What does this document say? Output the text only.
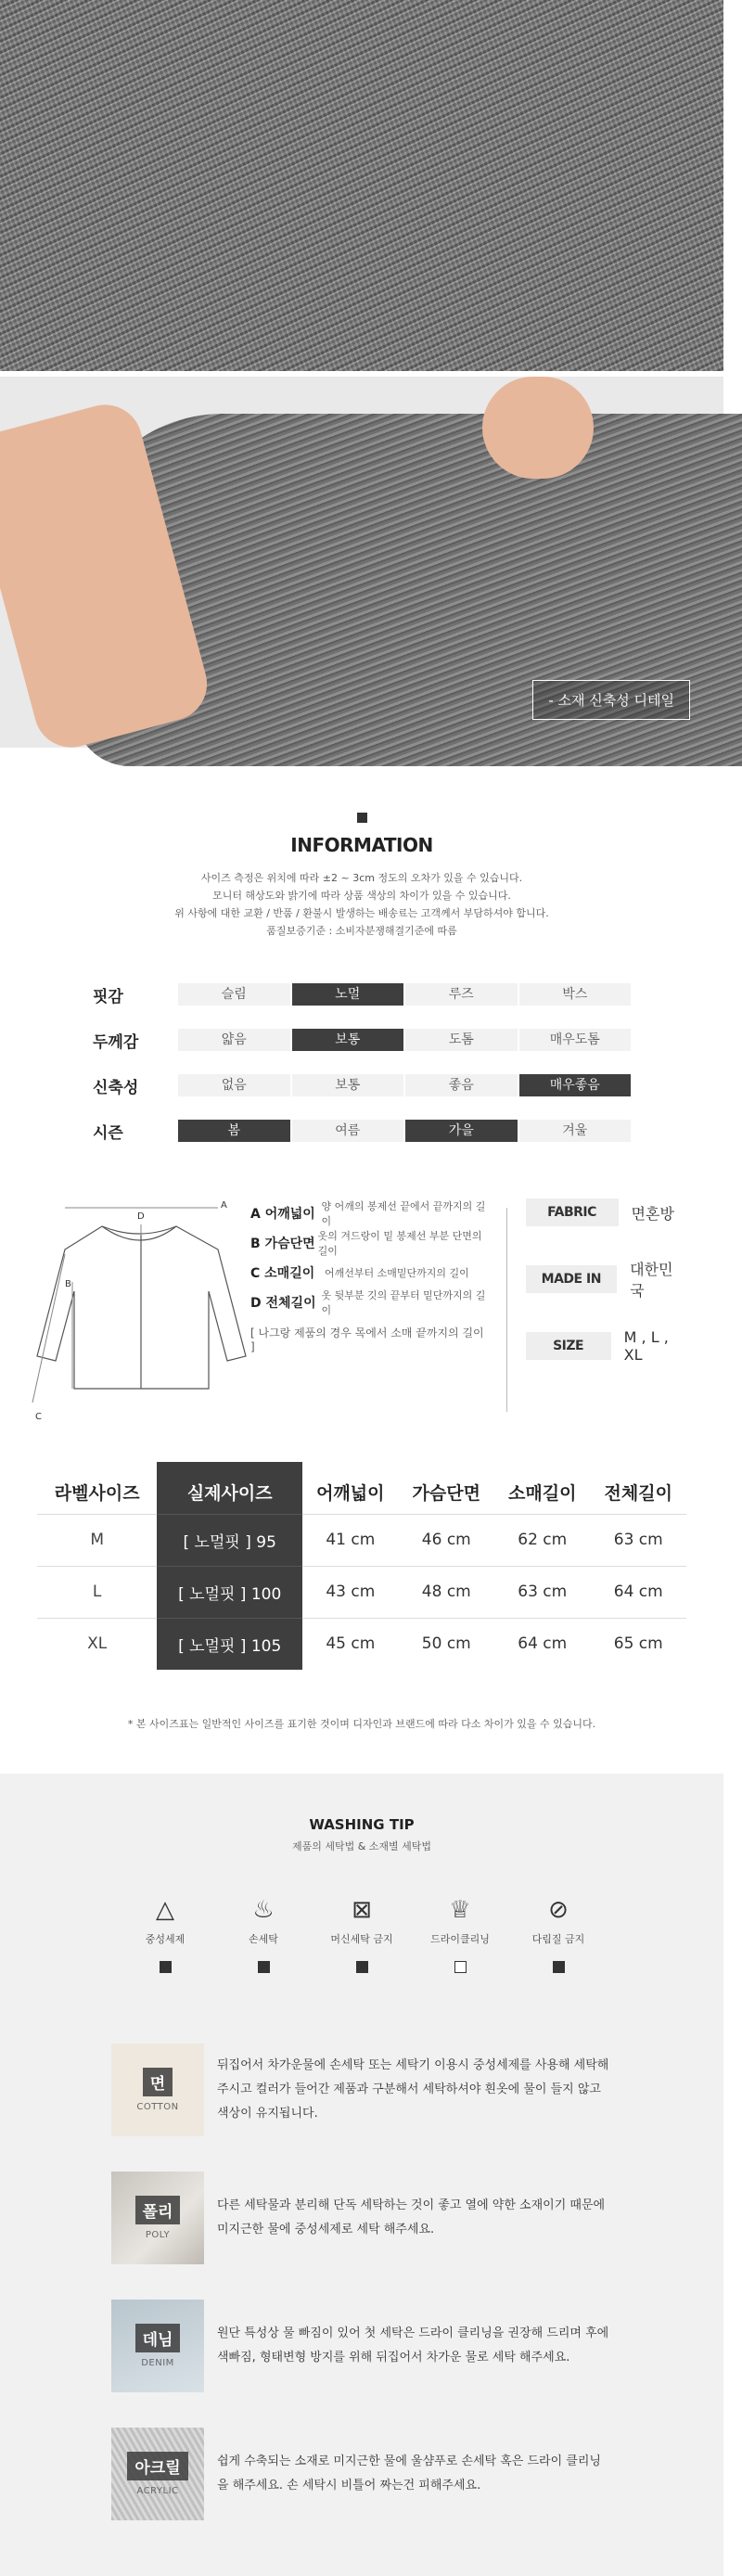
- 소재 신축성 디테일
INFORMATION

사이즈 측정은 위치에 따라 ±2 ~ 3cm 정도의 오차가 있을 수 있습니다.

모니터 해상도와 밝기에 따라 상품 색상의 차이가 있을 수 있습니다.

위 사항에 대한 교환 / 반품 / 환불시 발생하는 배송료는 고객께서 부담하셔야 합니다.

품질보증기준 : 소비자분쟁해결기준에 따름

핏감	슬림	노멀	루즈	박스
두께감	얇음	보통	도톰	매우도톰
신축성	없음	보통	좋음	매우좋음
시즌	봄	여름	가을	겨울
A
B
C
D	A 어깨넓이
양 어깨의 봉제선 끝에서 끝까지의 길이
B 가슴단면
옷의 겨드랑이 밑 봉제선 부분 단면의 길이
C 소매길이 어깨선부터 소매밑단까지의 길이
D 전체길이
옷 뒷부분 깃의 끝부터 밑단까지의 길이
[ 나그랑 제품의 경우 목에서 소매 끝까지의 길이 ]
FABRIC	면혼방
MADE IN
대한민국
SIZE	M , L , XL
라벨사이즈	실제사이즈	어깨넓이	가슴단면	소매길이	전체길이
M	[ 노멀핏 ] 95	41 cm	46 cm	62 cm	63 cm
L	[ 노멀핏 ] 100	43 cm	48 cm	63 cm	64 cm
XL	[ 노멀핏 ] 105	45 cm	50 cm	64 cm	65 cm
* 본 사이즈표는 일반적인 사이즈를 표기한 것이며 디자인과 브랜드에 따라 다소 차이가 있을 수 있습니다.
WASHING TIP
제품의 세탁법 & 소재별 세탁법
△
중성세제
♨
손세탁
⊠
머신세탁 금지
♕
드라이클리닝
⊘
다림질 금지
면
COTTON
뒤집어서 차가운물에 손세탁 또는 세탁기 이용시 중성세제를 사용해 세탁해주시고 컬러가 들어간 제품과 구분해서 세탁하셔야 흰옷에 물이 들지 않고 색상이 유지됩니다.
폴리
POLY
다른 세탁물과 분리해 단독 세탁하는 것이 좋고 열에 약한 소재이기 때문에 미지근한 물에 중성세제로 세탁 해주세요.
데님
DENIM
원단 특성상 물 빠짐이 있어 첫 세탁은 드라이 클리닝을 권장해 드리며 후에 색빠짐, 형태변형 방지를 위해 뒤집어서 차가운 물로 세탁 해주세요.
아크릴
ACRYLIC
쉽게 수축되는 소재로 미지근한 물에 울샴푸로 손세탁 혹은 드라이 클리닝을 해주세요. 손 세탁시 비틀어 짜는건 피해주세요.
